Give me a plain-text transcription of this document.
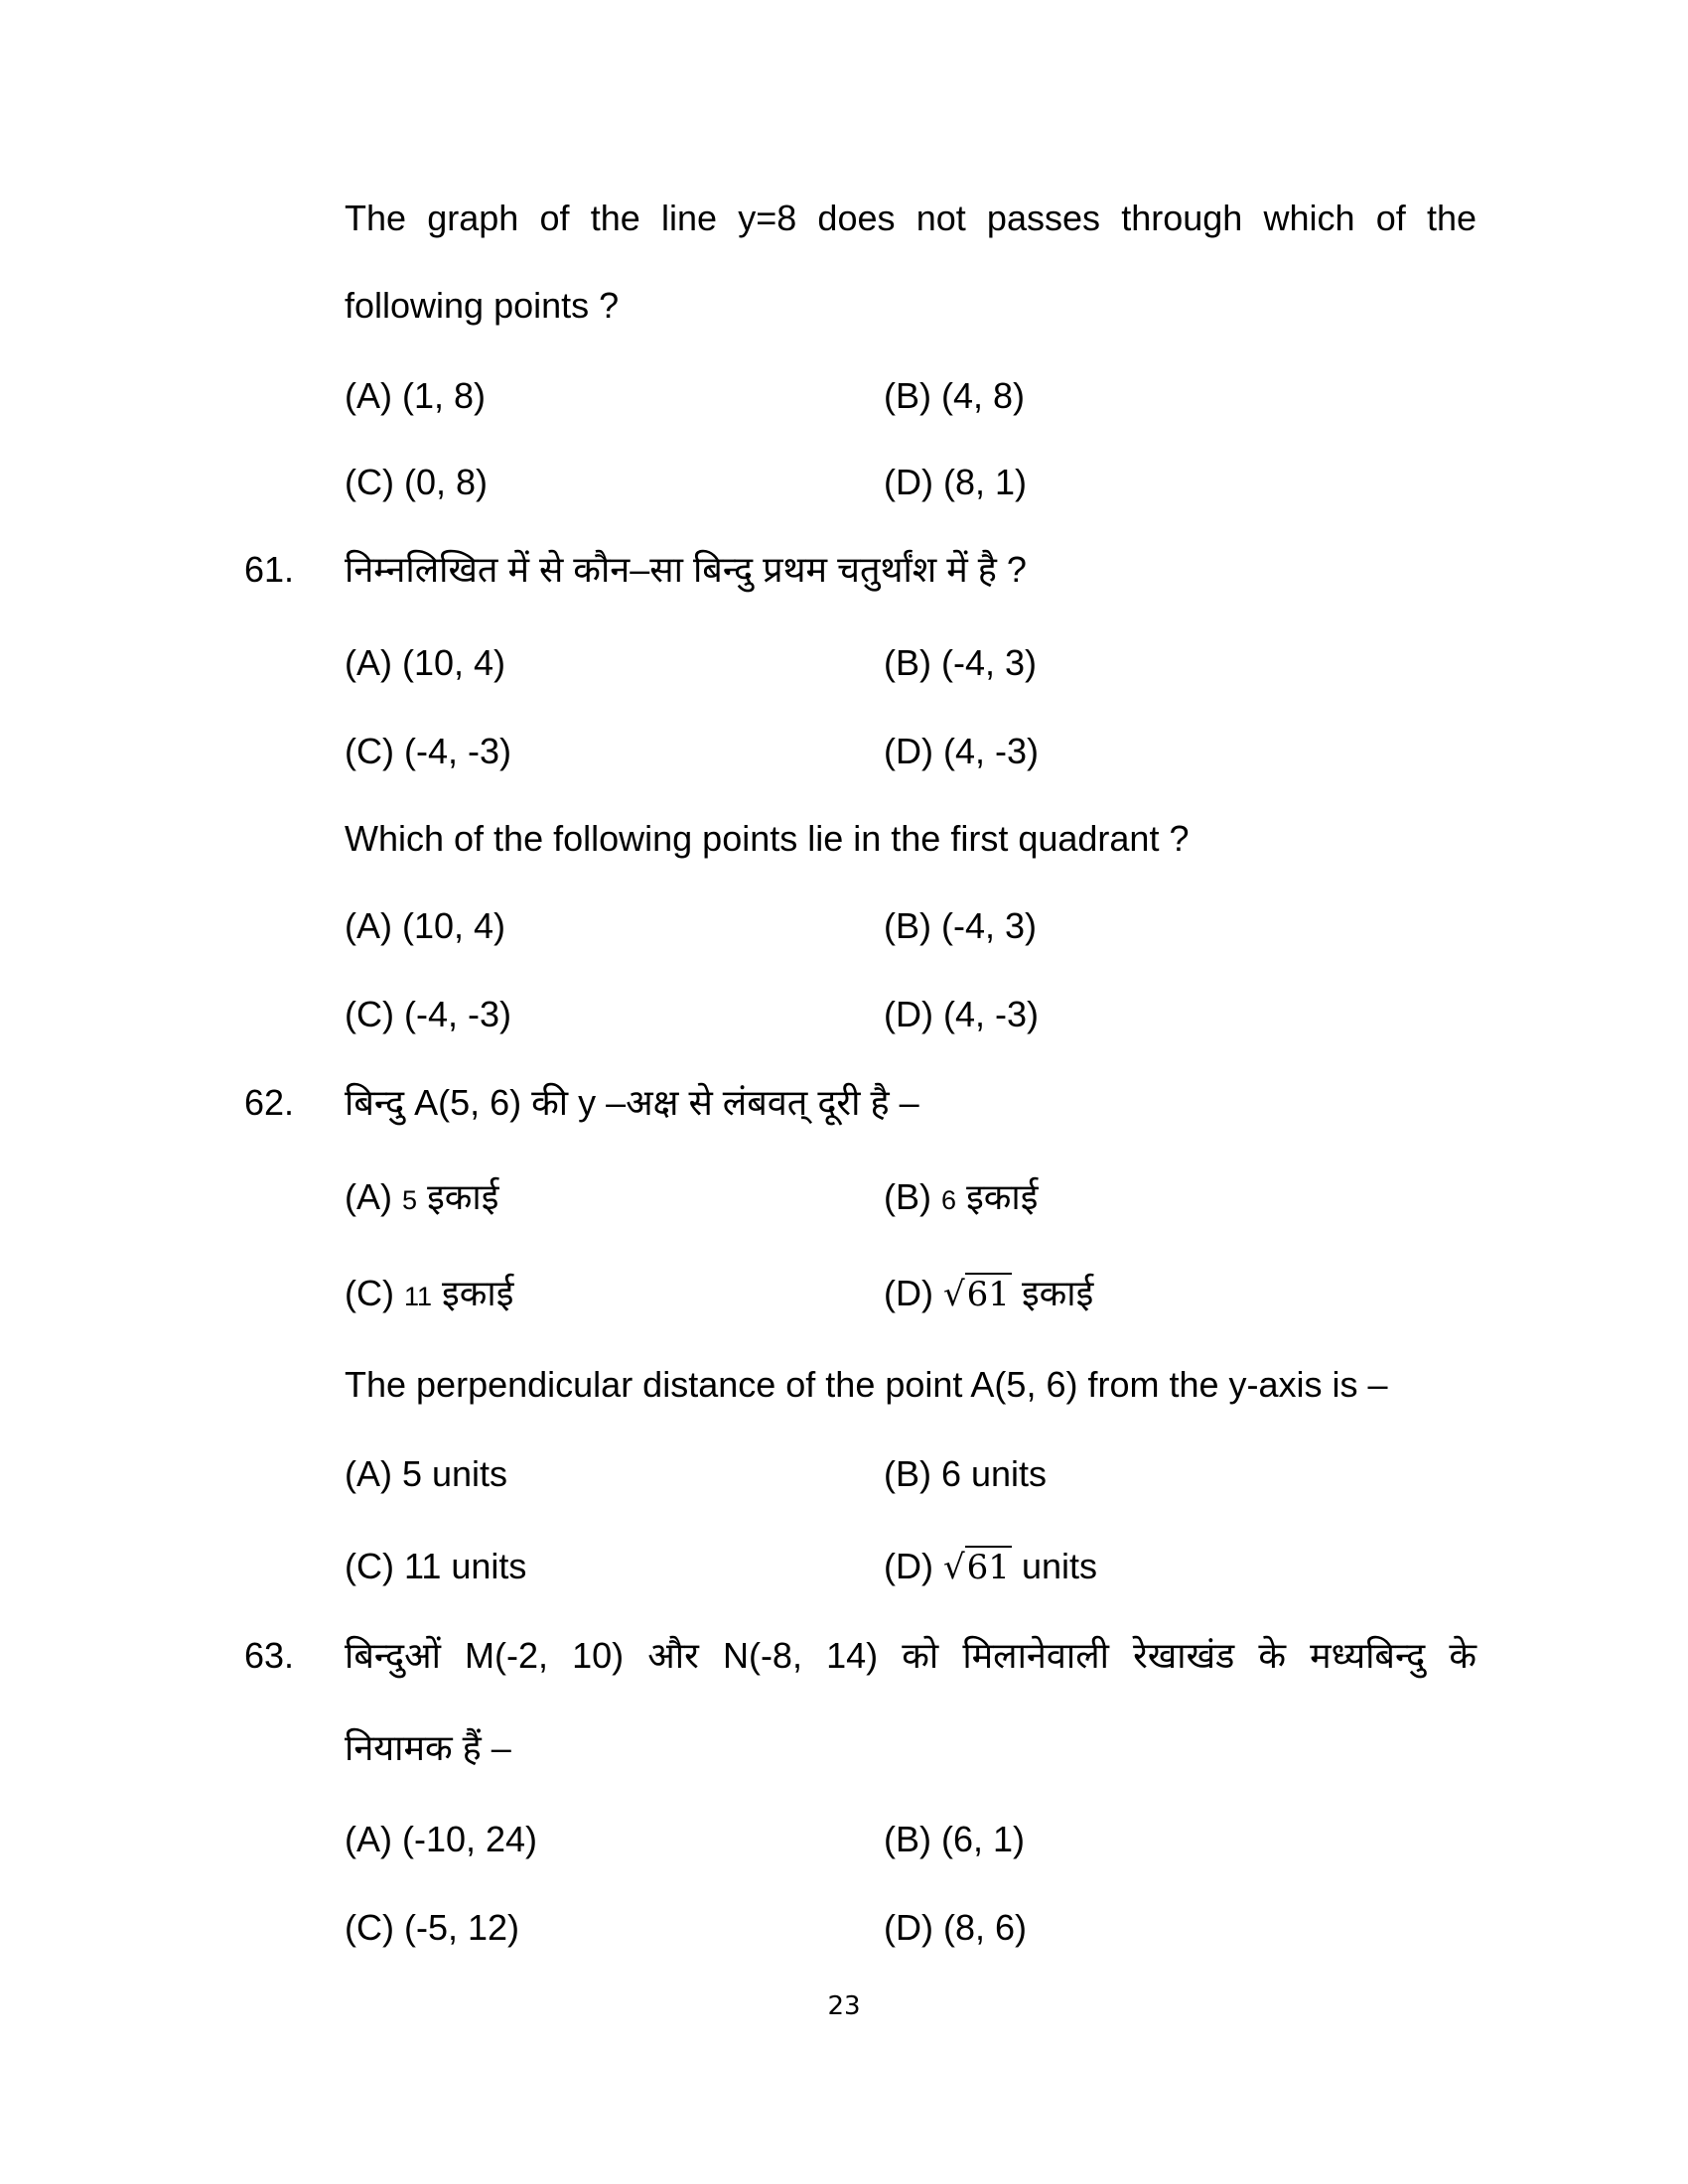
The graph of the line y=8 does not passes through which of the
following points ?
(A) (1, 8)	(B) (4, 8)
(C) (0, 8)	(D) (8, 1)
61. निम्नलिखित में से कौन–सा बिन्दु प्रथम चतुर्थांश में है ?
(A) (10, 4)	(B) (-4, 3)
(C) (-4, -3)	(D) (4, -3)
Which of the following points lie in the first quadrant ?
(A) (10, 4)	(B) (-4, 3)
(C) (-4, -3)	(D) (4, -3)
62. बिन्दु A(5, 6) की y –अक्ष से लंबवत् दूरी है –
(A) 5 इकाई	(B) 6 इकाई
(C) 11 इकाई	(D) √61 इकाई
The perpendicular distance of the point A(5, 6) from the y-axis is –
(A) 5 units	(B) 6 units
(C) 11 units	(D) √61 units
63. बिन्दुओं M(-2, 10) और N(-8, 14) को मिलानेवाली रेखाखंड के मध्यबिन्दु के
नियामक हैं –
(A) (-10, 24)	(B) (6, 1)
(C) (-5, 12)	(D) (8, 6)
23
